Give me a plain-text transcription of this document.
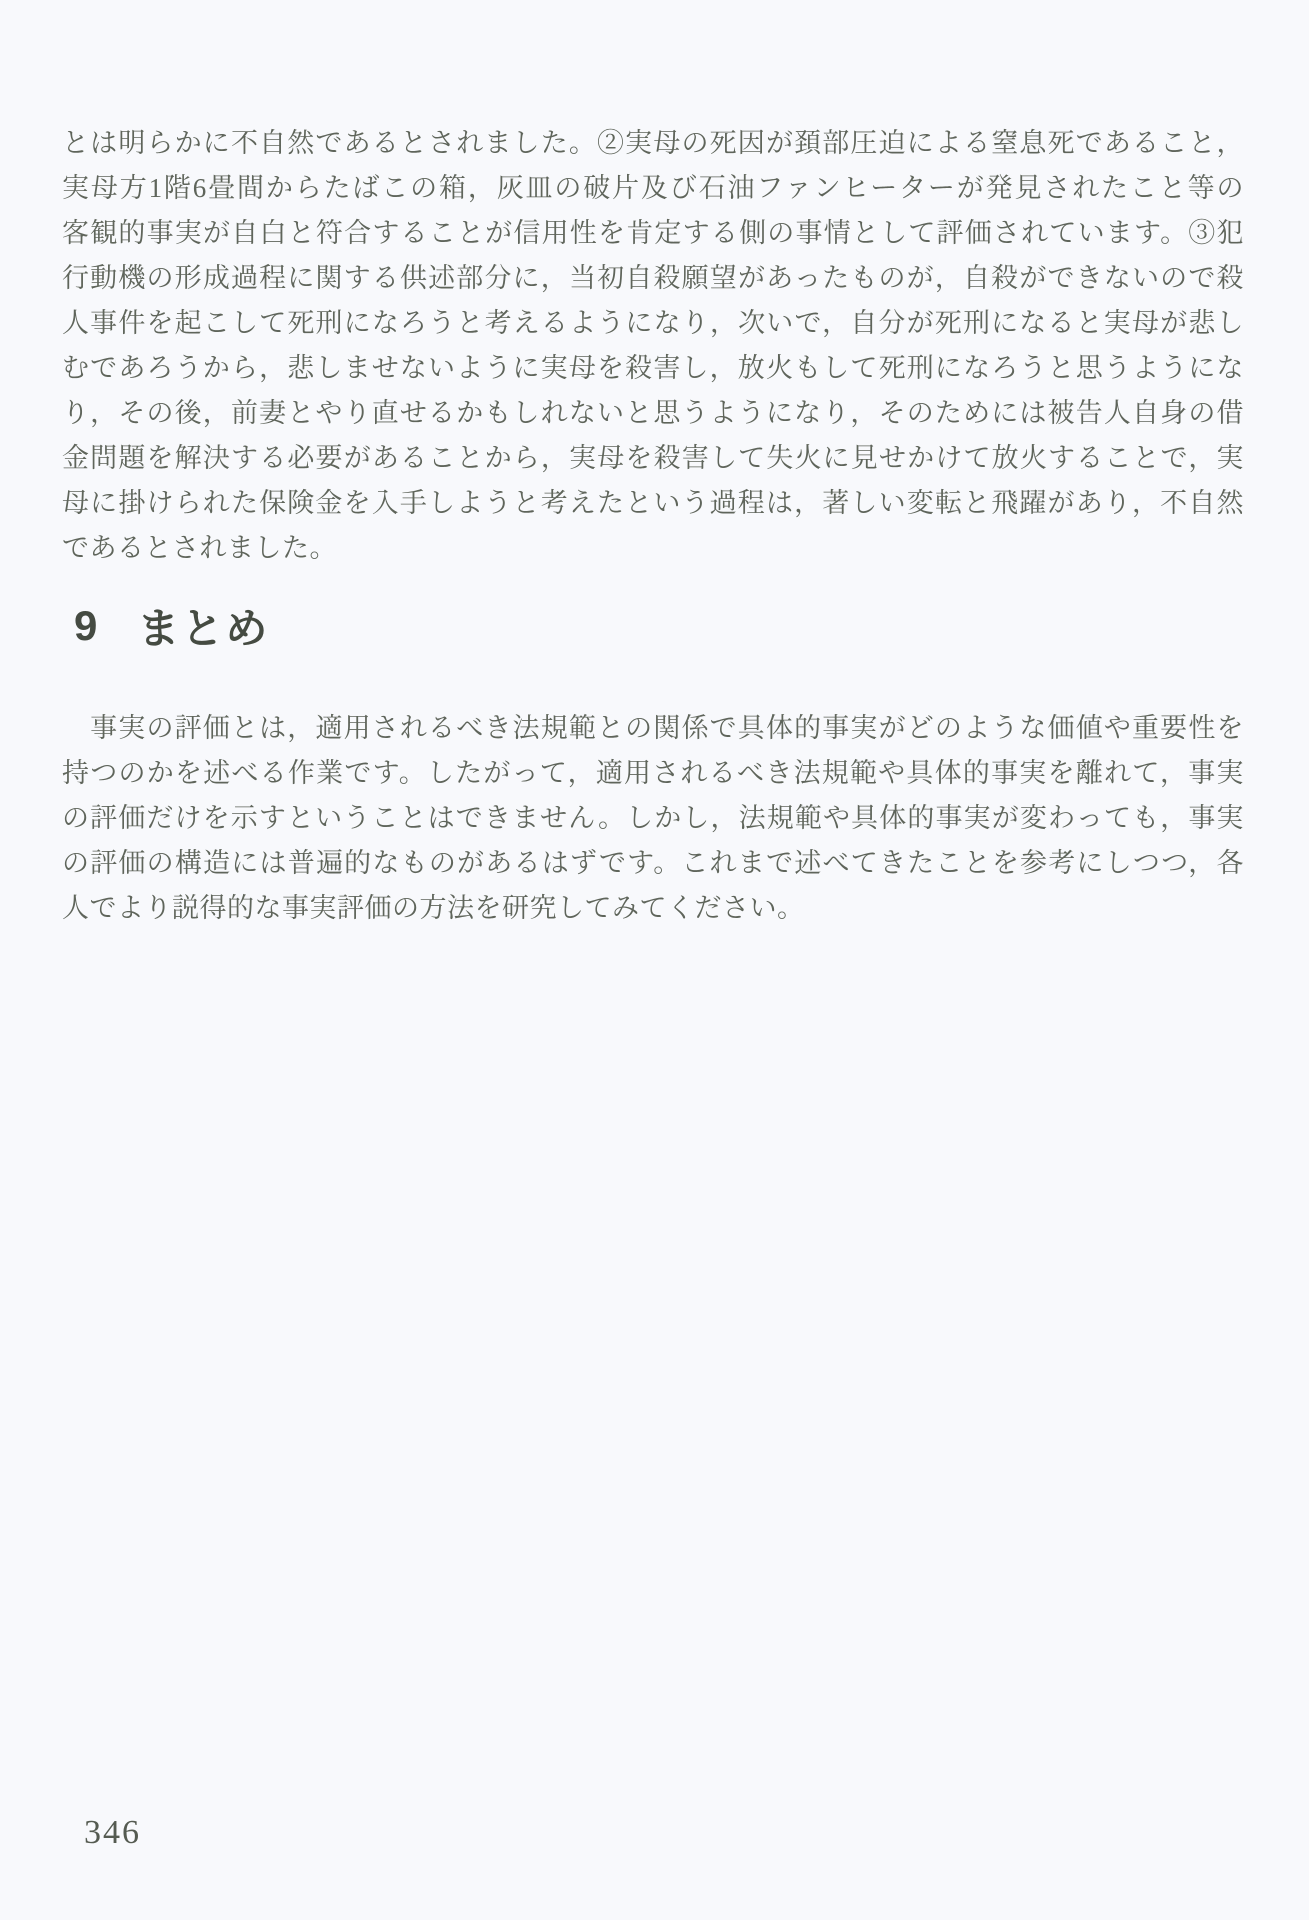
とは明らかに不自然であるとされました。②実母の死因が頚部圧迫による窒息死であること，
実母方1階6畳間からたばこの箱，灰皿の破片及び石油ファンヒーターが発見されたこと等の
客観的事実が自白と符合することが信用性を肯定する側の事情として評価されています。③犯
行動機の形成過程に関する供述部分に，当初自殺願望があったものが，自殺ができないので殺
人事件を起こして死刑になろうと考えるようになり，次いで，自分が死刑になると実母が悲し
むであろうから，悲しませないように実母を殺害し，放火もして死刑になろうと思うようにな
り，その後，前妻とやり直せるかもしれないと思うようになり，そのためには被告人自身の借
金問題を解決する必要があることから，実母を殺害して失火に見せかけて放火することで，実
母に掛けられた保険金を入手しようと考えたという過程は，著しい変転と飛躍があり，不自然
であるとされました。
9 まとめ
　事実の評価とは，適用されるべき法規範との関係で具体的事実がどのような価値や重要性を
持つのかを述べる作業です。したがって，適用されるべき法規範や具体的事実を離れて，事実
の評価だけを示すということはできません。しかし，法規範や具体的事実が変わっても，事実
の評価の構造には普遍的なものがあるはずです。これまで述べてきたことを参考にしつつ，各
人でより説得的な事実評価の方法を研究してみてください。
346
